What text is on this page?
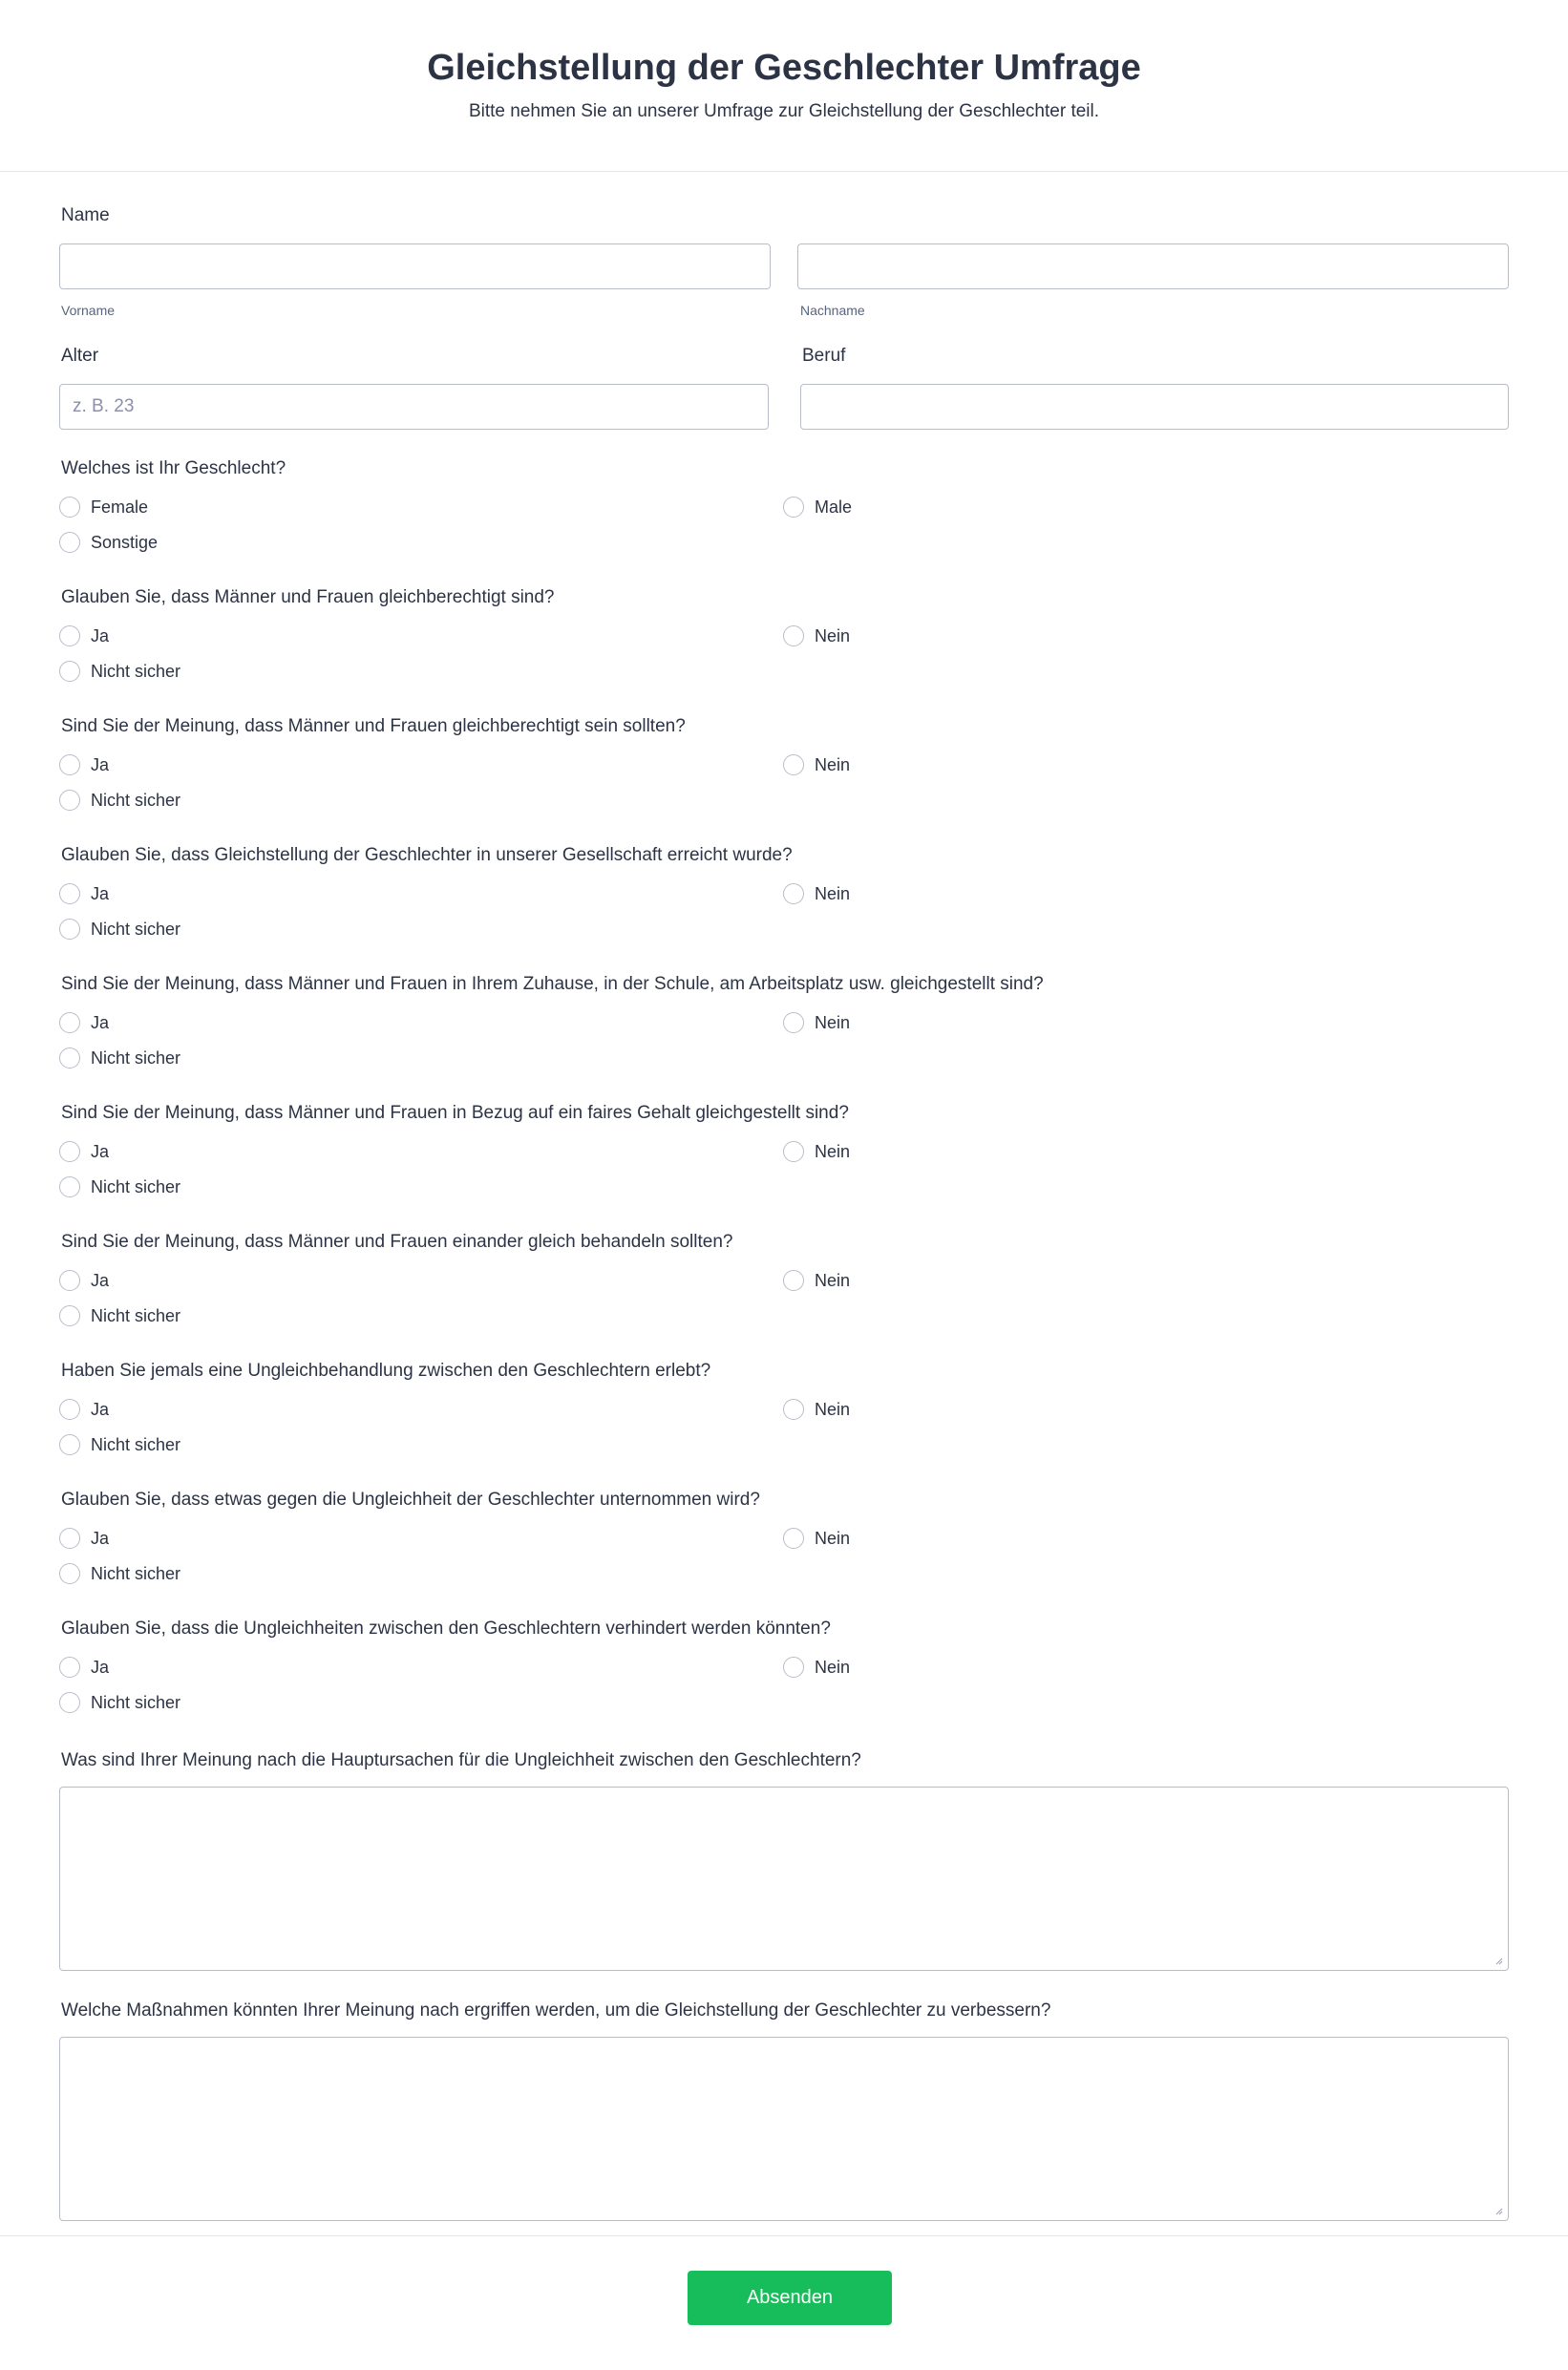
Gleichstellung der Geschlechter Umfrage
Bitte nehmen Sie an unserer Umfrage zur Gleichstellung der Geschlechter teil.
Name
Vorname	Nachname
Alter
z. B. 23	Beruf
Welches ist Ihr Geschlecht?
Female	Male
Sonstige
Glauben Sie, dass Männer und Frauen gleichberechtigt sind?
Ja	Nein
Nicht sicher
Sind Sie der Meinung, dass Männer und Frauen gleichberechtigt sein sollten?
Ja	Nein
Nicht sicher
Glauben Sie, dass Gleichstellung der Geschlechter in unserer Gesellschaft erreicht wurde?
Ja	Nein
Nicht sicher
Sind Sie der Meinung, dass Männer und Frauen in Ihrem Zuhause, in der Schule, am Arbeitsplatz usw. gleichgestellt sind?
Ja	Nein
Nicht sicher
Sind Sie der Meinung, dass Männer und Frauen in Bezug auf ein faires Gehalt gleichgestellt sind?
Ja	Nein
Nicht sicher
Sind Sie der Meinung, dass Männer und Frauen einander gleich behandeln sollten?
Ja	Nein
Nicht sicher
Haben Sie jemals eine Ungleichbehandlung zwischen den Geschlechtern erlebt?
Ja	Nein
Nicht sicher
Glauben Sie, dass etwas gegen die Ungleichheit der Geschlechter unternommen wird?
Ja	Nein
Nicht sicher
Glauben Sie, dass die Ungleichheiten zwischen den Geschlechtern verhindert werden könnten?
Ja	Nein
Nicht sicher
Was sind Ihrer Meinung nach die Hauptursachen für die Ungleichheit zwischen den Geschlechtern?
Welche Maßnahmen könnten Ihrer Meinung nach ergriffen werden, um die Gleichstellung der Geschlechter zu verbessern?
Absenden
